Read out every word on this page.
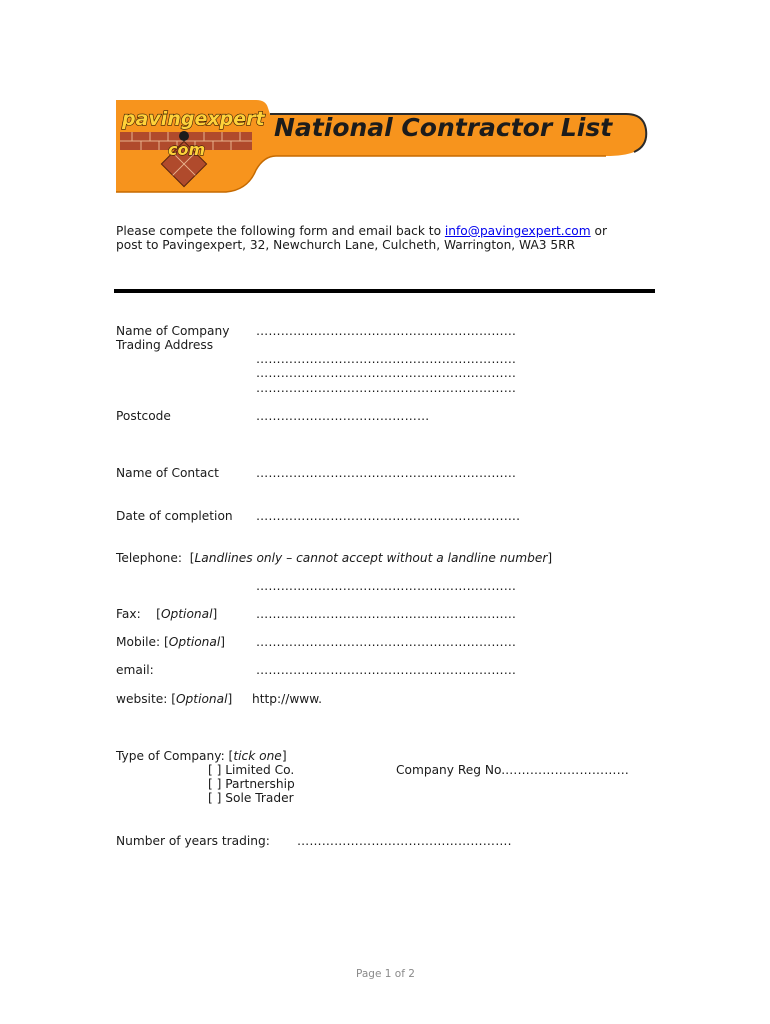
pavingexpert
com
National Contractor List
Please compete the following form and email back to info@pavingexpert.com or
post to Pavingexpert, 32, Newchurch Lane, Culcheth, Warrington, WA3 5RR
Name of Company ………………………………………………………
Trading Address
………………………………………………………
………………………………………………………
………………………………………………………
Postcode	……………………………………
Name of Contact	………………………………………………………
Date of completion ……………………………………………………….
Telephone: [Landlines only – cannot accept without a landline number]
………………………………………………………
Fax:    [Optional]	………………………………………………………
Mobile: [Optional]	………………………………………………………
email:	………………………………………………………
website: [Optional] http://www.
Type of Company: [tick one]
[ ] Limited Co.
[ ] Partnership
[ ] Sole Trader
Company Reg No.…………………………
Number of years trading: …………………………………………….
Page 1 of 2
